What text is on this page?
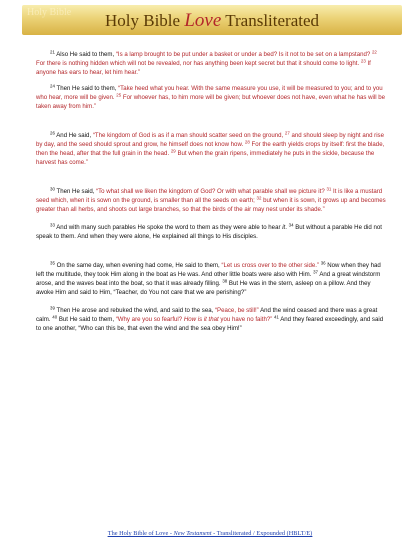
Holy Bible	Holy Bible Love Transliterated

$^{21}$ Also He said to them, “Is a lamp brought to be put under a basket or under a bed? Is it not to be set on a lampstand? $^{22}$ For there is nothing hidden which will not be revealed, nor has anything been kept secret but that it should come to light. $^{23}$ If anyone has ears to hear, let him hear.”

$^{24}$ Then He said to them, “Take heed what you hear. With the same measure you use, it will be measured to you; and to you who hear, more will be given. $^{25}$ For whoever has, to him more will be given; but whoever does not have, even what he has will be taken away from him.”

$^{26}$ And He said, “The kingdom of God is as if a man should scatter seed on the ground, $^{27}$ and should sleep by night and rise by day, and the seed should sprout and grow, he himself does not know how. $^{28}$ For the earth yields crops by itself: first the blade, then the head, after that the full grain in the head. $^{29}$ But when the grain ripens, immediately he puts in the sickle, because the harvest has come.”

$^{30}$ Then He said, “To what shall we liken the kingdom of God? Or with what parable shall we picture it? $^{31}$ It is like a mustard seed which, when it is sown on the ground, is smaller than all the seeds on earth; $^{32}$ but when it is sown, it grows up and becomes greater than all herbs, and shoots out large branches, so that the birds of the air may nest under its shade.”

$^{33}$ And with many such parables He spoke the word to them as they were able to hear it. $^{34}$ But without a parable He did not speak to them. And when they were alone, He explained all things to His disciples.

$^{35}$ On the same day, when evening had come, He said to them, “Let us cross over to the other side.” $^{36}$ Now when they had left the multitude, they took Him along in the boat as He was. And other little boats were also with Him. $^{37}$ And a great windstorm arose, and the waves beat into the boat, so that it was already filling. $^{38}$ But He was in the stern, asleep on a pillow. And they awoke Him and said to Him, “Teacher, do You not care that we are perishing?”

$^{39}$ Then He arose and rebuked the wind, and said to the sea, “Peace, be still!” And the wind ceased and there was a great calm. $^{40}$ But He said to them, “Why are you so fearful? How is it that you have no faith?” $^{41}$ And they feared exceedingly, and said to one another, “Who can this be, that even the wind and the sea obey Him!”

The Holy Bible of Love - New Testament - Transliterated / Expounded (HBLT/E)
